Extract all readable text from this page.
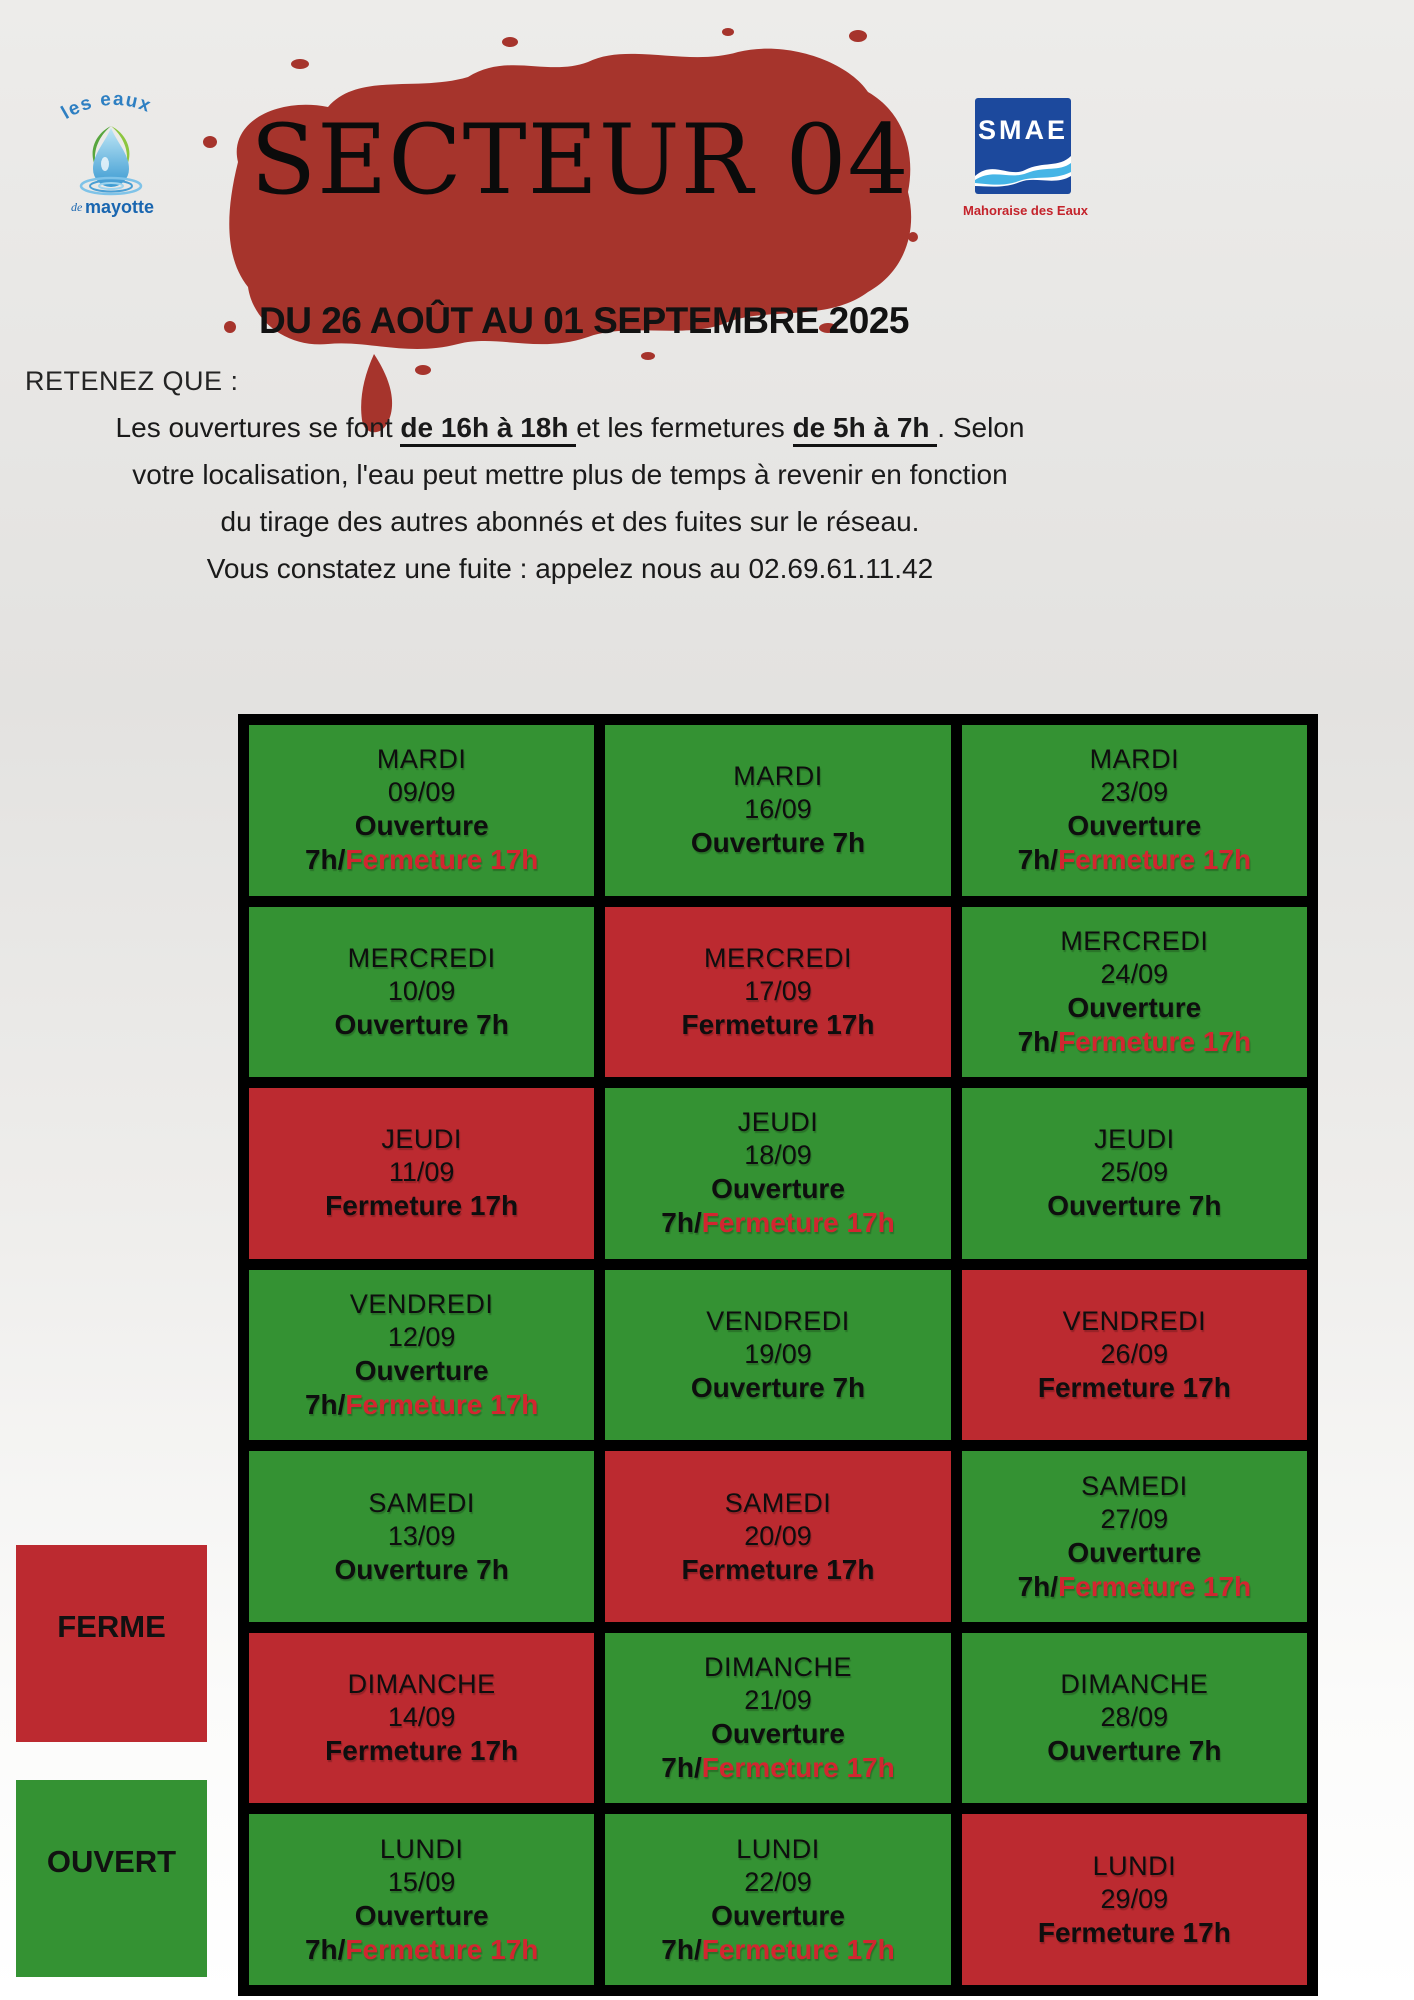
SECTEUR 04
les eaux
de mayotte
SMAE
Mahoraise des Eaux
DU 26 AOÛT AU 01 SEPTEMBRE 2025
RETENEZ QUE :
Les ouvertures se font de 16h à 18h et les fermetures de 5h à 7h . Selon
votre localisation, l'eau peut mettre plus de temps à revenir en fonction
du tirage des autres abonnés et des fuites sur le réseau.
Vous constatez une fuite : appelez nous au 02.69.61.11.42
MARDI
09/09
Ouverture
7h/Fermeture 17h
MARDI
16/09
Ouverture 7h
MARDI
23/09
Ouverture
7h/Fermeture 17h
MERCREDI
10/09
Ouverture 7h
MERCREDI
17/09
Fermeture 17h
MERCREDI
24/09
Ouverture
7h/Fermeture 17h
JEUDI
11/09
Fermeture 17h
JEUDI
18/09
Ouverture
7h/Fermeture 17h
JEUDI
25/09
Ouverture 7h
VENDREDI
12/09
Ouverture
7h/Fermeture 17h
VENDREDI
19/09
Ouverture 7h
VENDREDI
26/09
Fermeture 17h
SAMEDI
13/09
Ouverture 7h
SAMEDI
20/09
Fermeture 17h
SAMEDI
27/09
Ouverture
7h/Fermeture 17h
DIMANCHE
14/09
Fermeture 17h
DIMANCHE
21/09
Ouverture
7h/Fermeture 17h
DIMANCHE
28/09
Ouverture 7h
LUNDI
15/09
Ouverture
7h/Fermeture 17h
LUNDI
22/09
Ouverture
7h/Fermeture 17h
LUNDI
29/09
Fermeture 17h
FERME
OUVERT
